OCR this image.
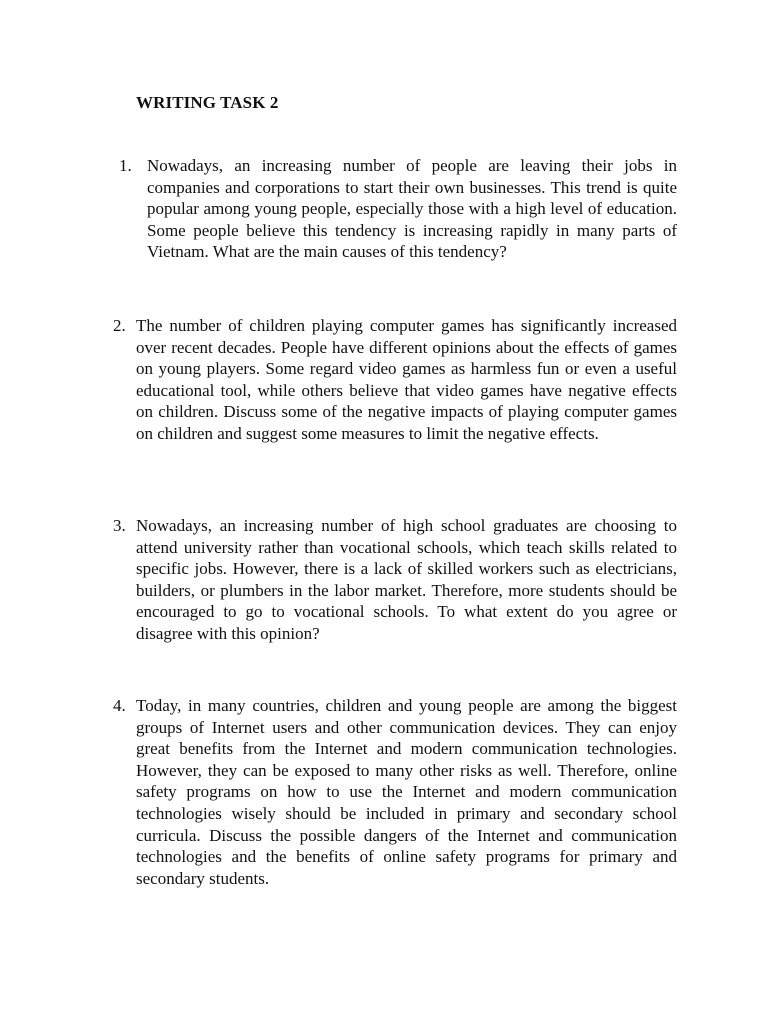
WRITING TASK 2
1. Nowadays, an increasing number of people are leaving their jobs in companies and corporations to start their own businesses. This trend is quite popular among young people, especially those with a high level of education. Some people believe this tendency is increasing rapidly in many parts of Vietnam. What are the main causes of this tendency?
2. The number of children playing computer games has significantly increased over recent decades. People have different opinions about the effects of games on young players. Some regard video games as harmless fun or even a useful educational tool, while others believe that video games have negative effects on children. Discuss some of the negative impacts of playing computer games on children and suggest some measures to limit the negative effects.
3. Nowadays, an increasing number of high school graduates are choosing to attend university rather than vocational schools, which teach skills related to specific jobs. However, there is a lack of skilled workers such as electricians, builders, or plumbers in the labor market. Therefore, more students should be encouraged to go to vocational schools. To what extent do you agree or disagree with this opinion?
4. Today, in many countries, children and young people are among the biggest groups of Internet users and other communication devices. They can enjoy great benefits from the Internet and modern communication technologies. However, they can be exposed to many other risks as well. Therefore, online safety programs on how to use the Internet and modern communication technologies wisely should be included in primary and secondary school curricula. Discuss the possible dangers of the Internet and communication technologies and the benefits of online safety programs for primary and secondary students.
